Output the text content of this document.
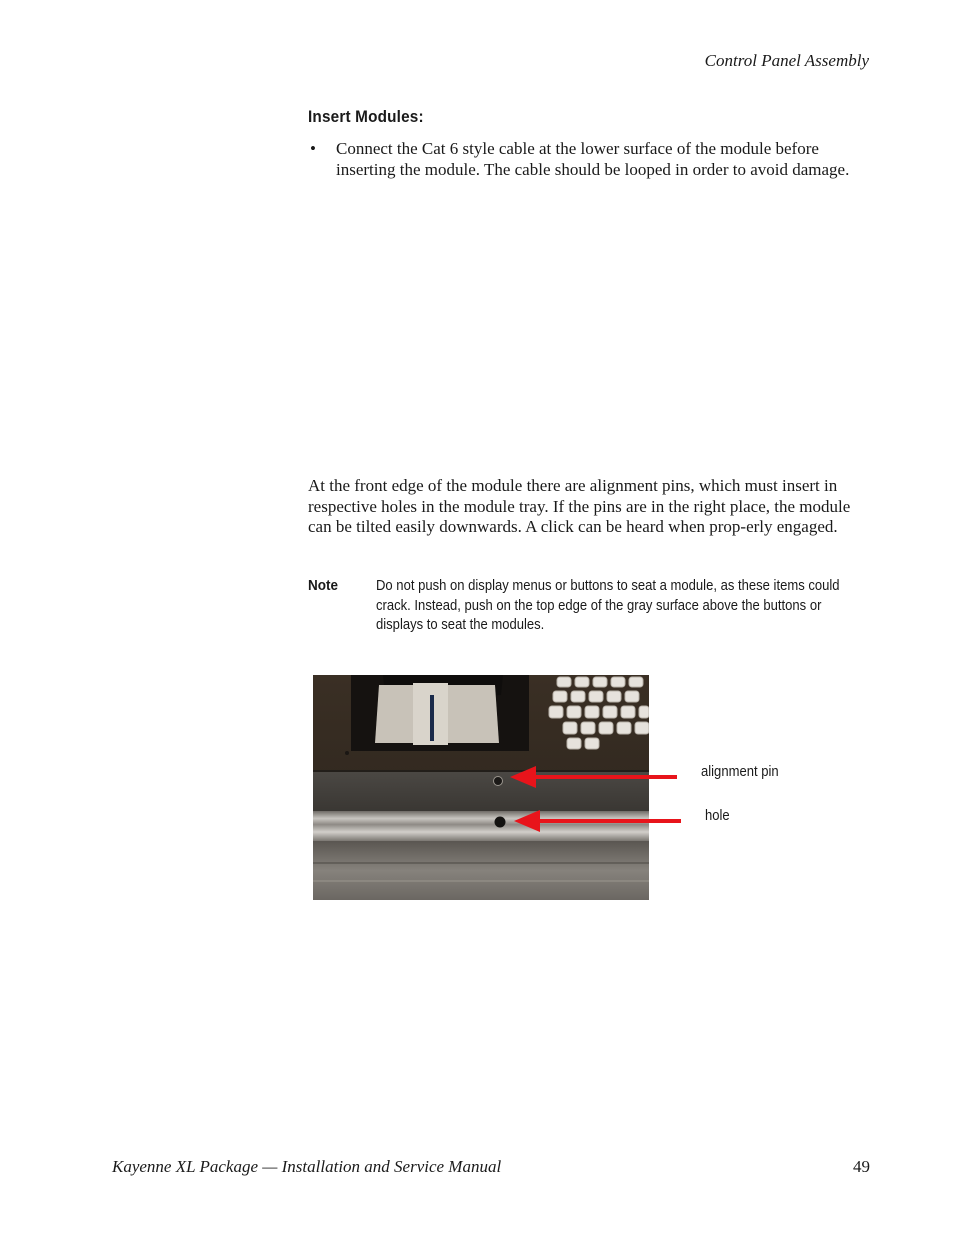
Control Panel Assembly
Insert Modules:
• Connect the Cat 6 style cable at the lower surface of the module before inserting the module. The cable should be looped in order to avoid damage.

At the front edge of the module there are alignment pins, which must insert in respective holes in the module tray. If the pins are in the right place, the module can be tilted easily downwards. A click can be heard when prop-erly engaged.

Note	Do not push on display menus or buttons to seat a module, as these items could crack. Instead, push on the top edge of the gray surface above the buttons or displays to seat the modules.
alignment pin
hole
Kayenne XL Package — Installation and Service Manual	49
